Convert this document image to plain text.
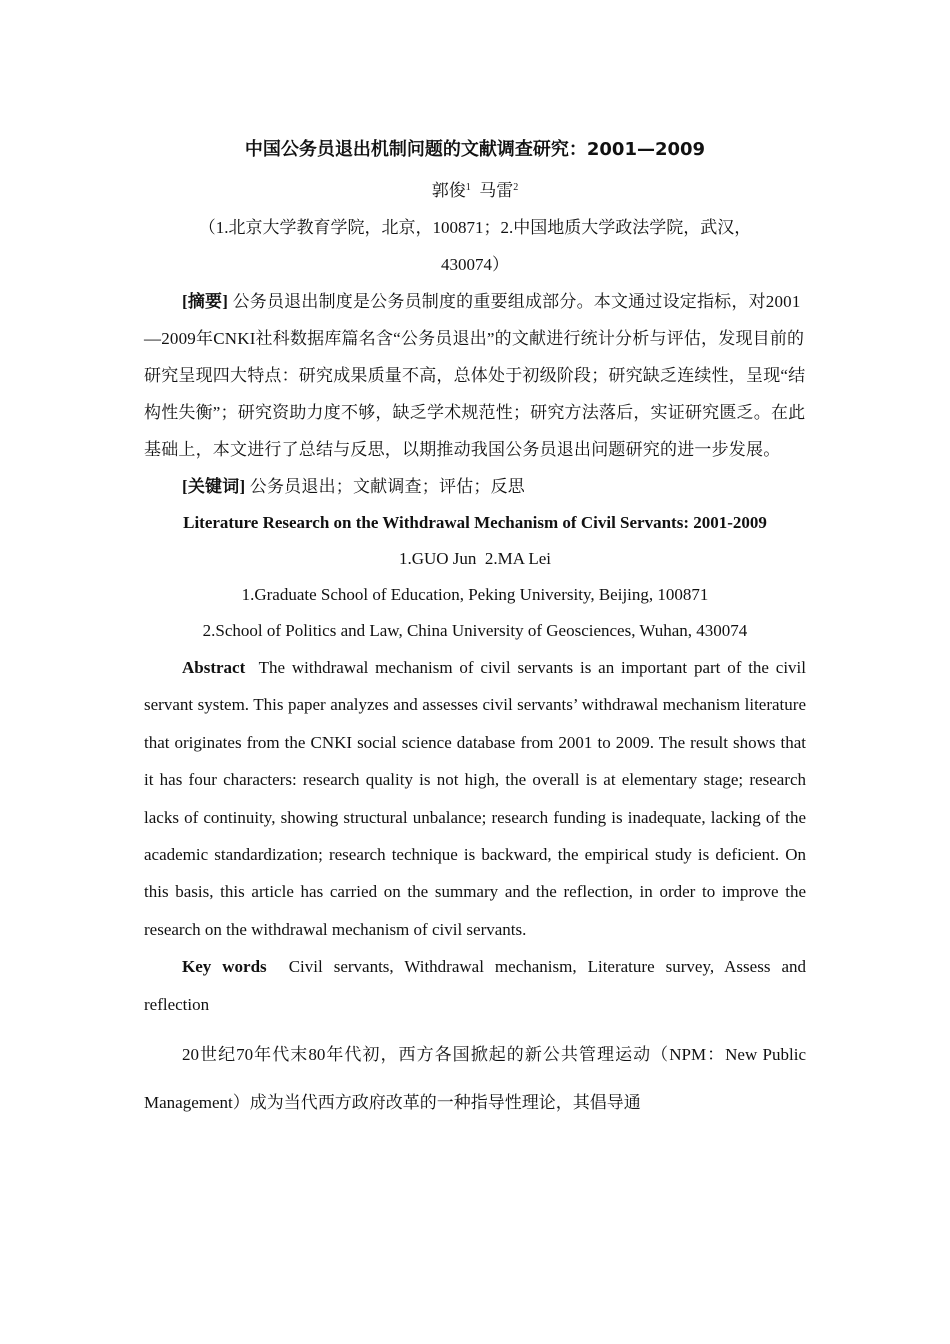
中国公务员退出机制问题的文献调查研究：2001—2009

郭俊$^1$ 马雷$^2$

（1.北京大学教育学院，北京，100871；2.中国地质大学政法学院，武汉，

430074）

[摘要] 公务员退出制度是公务员制度的重要组成部分。本文通过设定指标，对2001—2009年CNKI社科数据库篇名含“公务员退出”的文献进行统计分析与评估，发现目前的研究呈现四大特点：研究成果质量不高，总体处于初级阶段；研究缺乏连续性，呈现“结构性失衡”；研究资助力度不够，缺乏学术规范性；研究方法落后，实证研究匮乏。在此基础上，本文进行了总结与反思，以期推动我国公务员退出问题研究的进一步发展。

[关键词] 公务员退出；文献调查；评估；反思

Literature Research on the Withdrawal Mechanism of Civil Servants: 2001-2009

1.GUO Jun  2.MA Lei

1.Graduate School of Education, Peking University, Beijing, 100871

2.School of Politics and Law, China University of Geosciences, Wuhan, 430074

Abstract The withdrawal mechanism of civil servants is an important part of the civil servant system. This paper analyzes and assesses civil servants’ withdrawal mechanism literature that originates from the CNKI social science database from 2001 to 2009. The result shows that it has four characters: research quality is not high, the overall is at elementary stage; research lacks of continuity, showing structural unbalance; research funding is inadequate, lacking of the academic standardization; research technique is backward, the empirical study is deficient. On this basis, this article has carried on the summary and the reflection, in order to improve the research on the withdrawal mechanism of civil servants.

Key words Civil servants, Withdrawal mechanism, Literature survey, Assess and reflection

20世纪70年代末80年代初，西方各国掀起的新公共管理运动（NPM：New Public Management）成为当代西方政府改革的一种指导性理论，其倡导通
